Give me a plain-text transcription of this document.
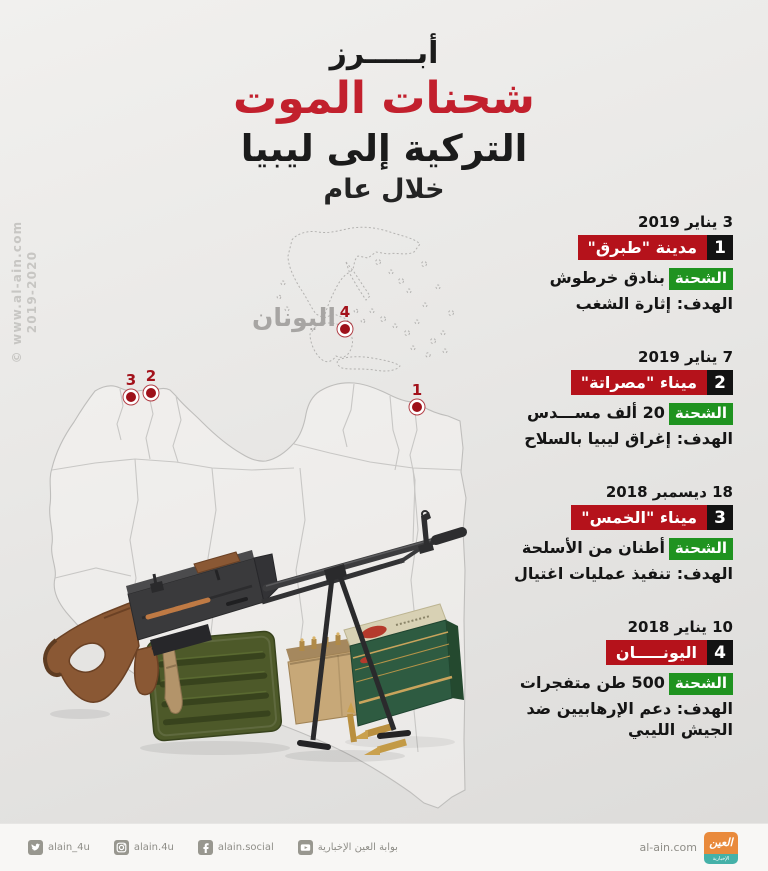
© www.al-ain.com 2019-2020
أبـــــرز
شحنات الموت
التركية إلى ليبيا
خلال عام
اليونان
1
2
3
4
3 يناير 2019
1
مدينة "طبرق"
الشحنةبنادق خرطوش
الهدف: إثارة الشغب
7 يناير 2019
2
ميناء "مصراتة"
الشحنة20 ألف مســـدس
الهدف: إغراق ليبيا بالسلاح
18 ديسمبر 2018
3
ميناء "الخمس"
الشحنةأطنان من الأسلحة
الهدف: تنفيذ عمليات اغتيال
10 يناير 2018
4
اليونـــــان
الشحنة500 طن متفجرات
الهدف: دعم الإرهابيين ضد الجيش الليبي
alain_4u	alain.4u	alain.social	بوابة العين الإخبارية	al-ain.com	العين
الإخبارية
